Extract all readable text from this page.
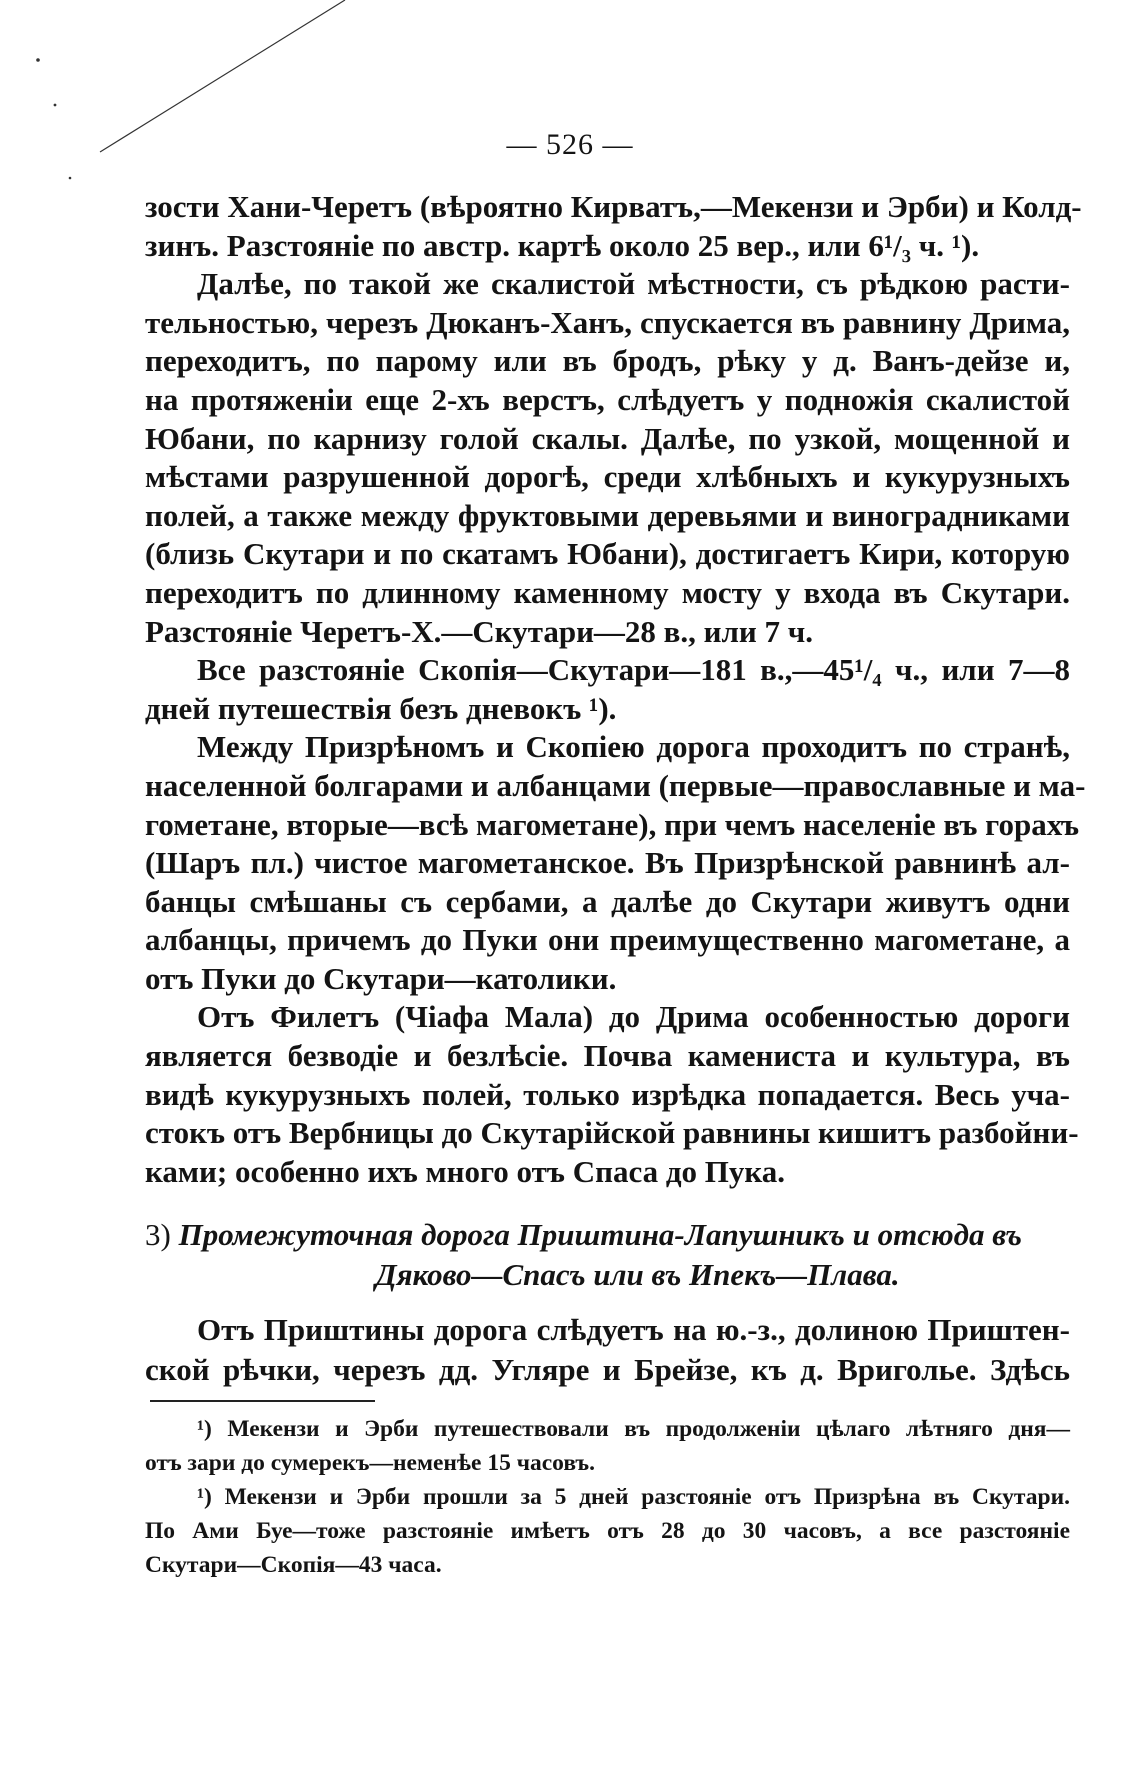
— 526 —
зости Хани-Черетъ (вѣроятно Кирватъ,—Мекензи и Эрби) и Колд-
зинъ. Разстояніе по австр. картѣ около 25 вер., или 6¹/₃ ч. ¹).
Далѣе, по такой же скалистой мѣстности, съ рѣдкою расти-
тельностью, черезъ Дюканъ-Ханъ, спускается въ равнину Дрима,
переходитъ, по парому или въ бродъ, рѣку у д. Ванъ-дейзе и,
на протяженіи еще 2-хъ верстъ, слѣдуетъ у подножія скалистой
Юбани, по карнизу голой скалы. Далѣе, по узкой, мощенной и
мѣстами разрушенной дорогѣ, среди хлѣбныхъ и кукурузныхъ
полей, а также между фруктовыми деревьями и виноградниками
(близь Скутари и по скатамъ Юбани), достигаетъ Кири, которую
переходитъ по длинному каменному мосту у входа въ Скутари.
Разстояніе Черетъ-Х.—Скутари—28 в., или 7 ч.
Все разстояніе Скопія—Скутари—181 в.,—45¹/₄ ч., или 7—8
дней путешествія безъ дневокъ ¹).
Между Призрѣномъ и Скопіею дорога проходитъ по странѣ,
населенной болгарами и албанцами (первые—православные и ма-
гометане, вторые—всѣ магометане), при чемъ населеніе въ горахъ
(Шаръ пл.) чистое магометанское. Въ Призрѣнской равнинѣ ал-
банцы смѣшаны съ сербами, а далѣе до Скутари живутъ одни
албанцы, причемъ до Пуки они преимущественно магометане, а
отъ Пуки до Скутари—католики.
Отъ Филетъ (Чіафа Мала) до Дрима особенностью дороги
является безводіе и безлѣсіе. Почва камениста и культура, въ
видѣ кукурузныхъ полей, только изрѣдка попадается. Весь уча-
стокъ отъ Вербницы до Скутарійской равнины кишитъ разбойни-
ками; особенно ихъ много отъ Спаса до Пука.
3) Промежуточная дорога Приштина-Лапушникъ и отсюда въ
Дяково—Спасъ или въ Ипекъ—Плава.
Отъ Приштины дорога слѣдуетъ на ю.-з., долиною Приштен-
ской рѣчки, черезъ дд. Угляре и Брейзе, къ д. Вриголье. Здѣсь
¹) Мекензи и Эрби путешествовали въ продолженіи цѣлаго лѣтняго дня—
отъ зари до сумерекъ—неменѣе 15 часовъ.
¹) Мекензи и Эрби прошли за 5 дней разстояніе отъ Призрѣна въ Скутари.
По Ами Буе—тоже разстояніе имѣетъ отъ 28 до 30 часовъ, а все разстояніе
Скутари—Скопія—43 часа.
